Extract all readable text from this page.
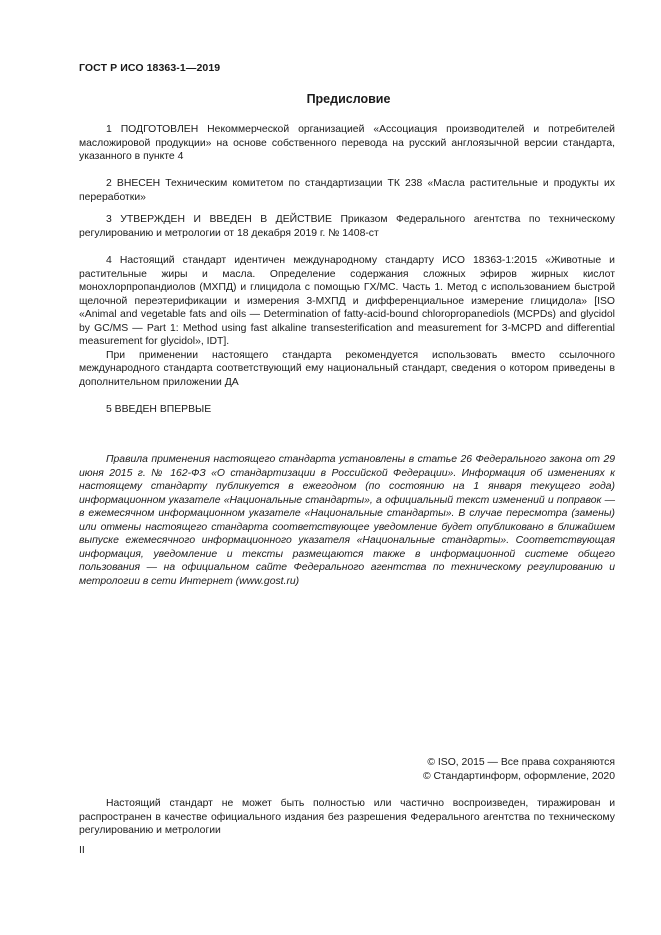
ГОСТ Р ИСО 18363-1—2019
Предисловие

1 ПОДГОТОВЛЕН Некоммерческой организацией «Ассоциация производителей и потребителей масложировой продукции» на основе собственного перевода на русский англоязычной версии стандарта, указанного в пункте 4

2 ВНЕСЕН Техническим комитетом по стандартизации ТК 238 «Масла растительные и продукты их переработки»

3 УТВЕРЖДЕН И ВВЕДЕН В ДЕЙСТВИЕ Приказом Федерального агентства по техническому регулированию и метрологии от 18 декабря 2019 г. № 1408-ст

4 Настоящий стандарт идентичен международному стандарту ИСО 18363-1:2015 «Животные и растительные жиры и масла. Определение содержания сложных эфиров жирных кислот монохлорпропандиолов (МХПД) и глицидола с помощью ГХ/МС. Часть 1. Метод с использованием быстрой щелочной переэтерификации и измерения 3-МХПД и дифференциальное измерение глицидола» [ISO «Animal and vegetable fats and oils — Determination of fatty-acid-bound chloropropanediols (MCPDs) and glycidol by GC/MS — Part 1: Method using fast alkaline transesterification and measurement for 3-MCPD and differential measurement for glycidol», IDT].

При применении настоящего стандарта рекомендуется использовать вместо ссылочного международного стандарта соответствующий ему национальный стандарт, сведения о котором приведены в дополнительном приложении ДА

5 ВВЕДЕН ВПЕРВЫЕ

Правила применения настоящего стандарта установлены в статье 26 Федерального закона от 29 июня 2015 г. № 162-ФЗ «О стандартизации в Российской Федерации». Информация об изменениях к настоящему стандарту публикуется в ежегодном (по состоянию на 1 января текущего года) информационном указателе «Национальные стандарты», а официальный текст изменений и поправок — в ежемесячном информационном указателе «Национальные стандарты». В случае пересмотра (замены) или отмены настоящего стандарта соответствующее уведомление будет опубликовано в ближайшем выпуске ежемесячного информационного указателя «Национальные стандарты». Соответствующая информация, уведомление и тексты размещаются также в информационной системе общего пользования — на официальном сайте Федерального агентства по техническому регулированию и метрологии в сети Интернет (www.gost.ru)

© ISO, 2015 — Все права сохраняются
© Стандартинформ, оформление, 2020

Настоящий стандарт не может быть полностью или частично воспроизведен, тиражирован и распространен в качестве официального издания без разрешения Федерального агентства по техническому регулированию и метрологии

II
